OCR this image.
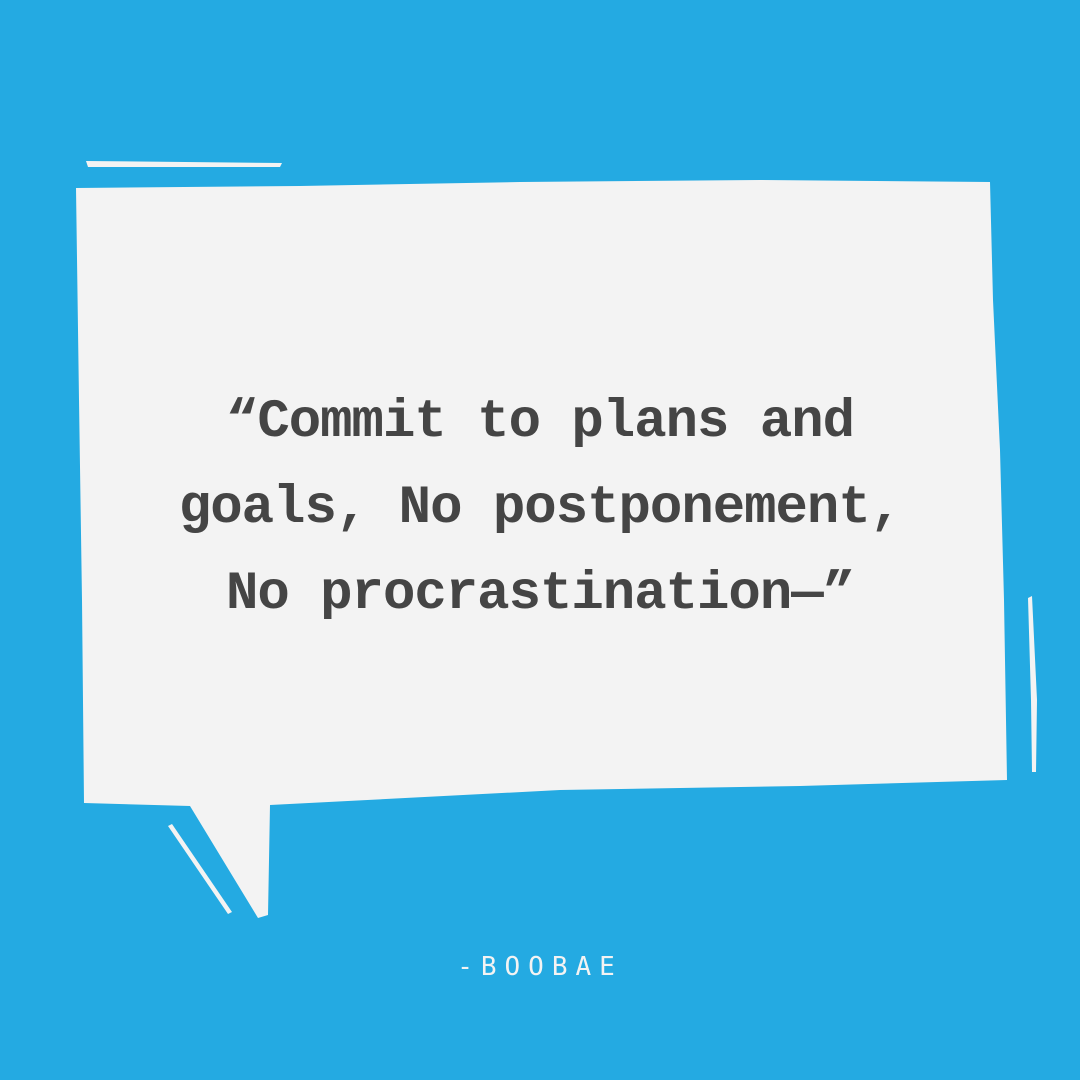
“Commit to plans and
goals, No postponement,
No procrastination—”
-BOOBAE
